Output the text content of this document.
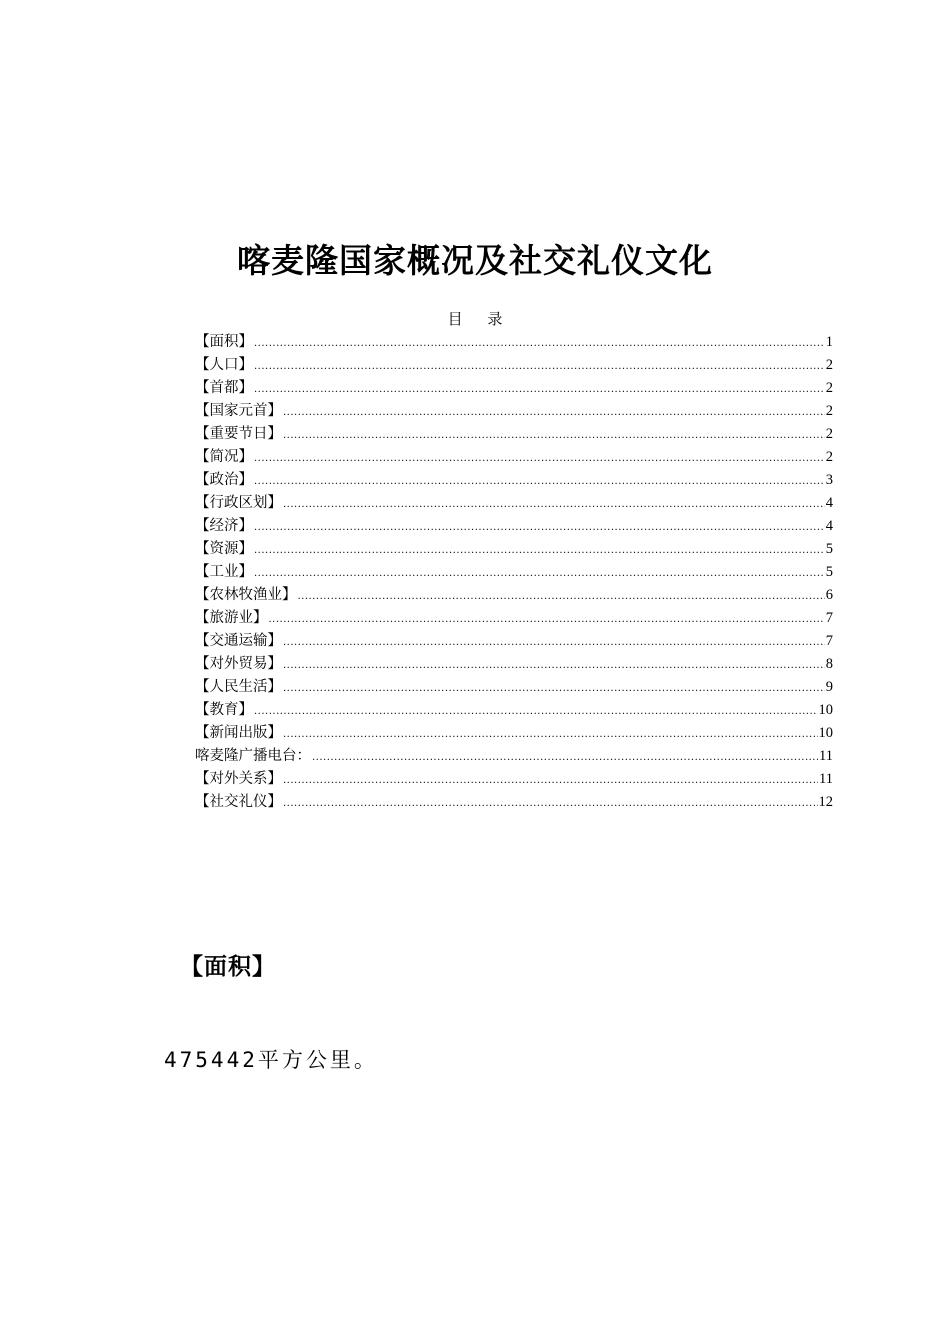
喀麦隆国家概况及社交礼仪文化
目 录
【面积】 .....	1
【人口】 .....	2
【首都】 .....	2
【国家元首】 .....	2
【重要节日】 .....	2
【简况】 .....	2
【政治】 .....	3
【行政区划】 .....	4
【经济】 .....	4
【资源】 .....	5
【工业】 .....	5
【农林牧渔业】 .....	6
【旅游业】 .....	7
【交通运输】 .....	7
【对外贸易】 .....	8
【人民生活】 .....	9
【教育】 .....	10
【新闻出版】 .....	10
喀麦隆广播电台： .....	11
【对外关系】 .....	11
【社交礼仪】 .....	12
【面积】

475442平方公里。
